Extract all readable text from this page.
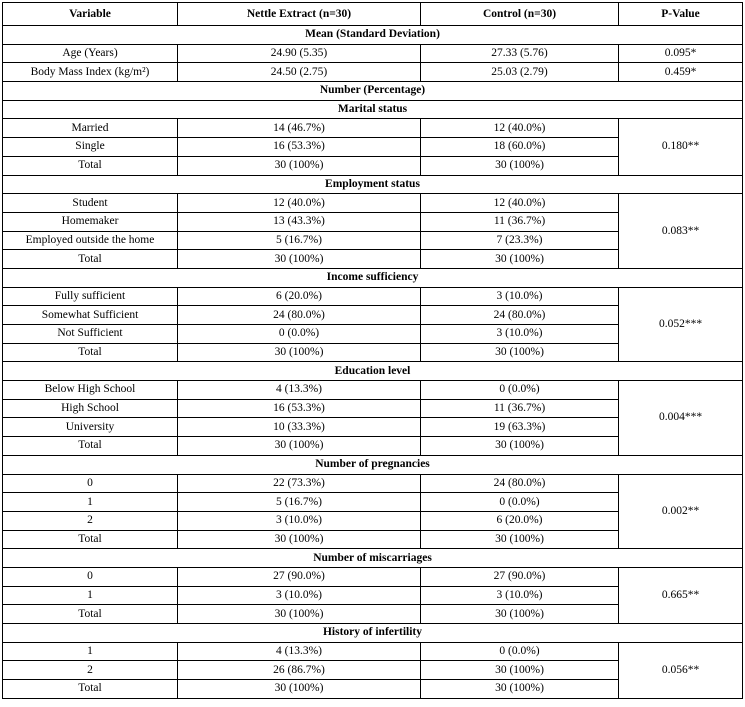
Variable	Nettle Extract (n=30)	Control (n=30)	P-Value
Mean (Standard Deviation)			
Age (Years)	24.90 (5.35)	27.33 (5.76)	0.095*
Body Mass Index (kg/m²)	24.50 (2.75)	25.03 (2.79)	0.459*
Number (Percentage)			
Marital status			
Married	14 (46.7%)	12 (40.0%)	0.180**
Single	16 (53.3%)	18 (60.0%)	
Total	30 (100%)	30 (100%)	
Employment status			
Student	12 (40.0%)	12 (40.0%)	0.083**
Homemaker	13 (43.3%)	11 (36.7%)	
Employed outside the home	5 (16.7%)	7 (23.3%)	
Total	30 (100%)	30 (100%)	
Income sufficiency			
Fully sufficient	6 (20.0%)	3 (10.0%)	0.052***
Somewhat Sufficient	24 (80.0%)	24 (80.0%)	
Not Sufficient	0 (0.0%)	3 (10.0%)	
Total	30 (100%)	30 (100%)	
Education level			
Below High School	4 (13.3%)	0 (0.0%)	0.004***
High School	16 (53.3%)	11 (36.7%)	
University	10 (33.3%)	19 (63.3%)	
Total	30 (100%)	30 (100%)	
Number of pregnancies			
0	22 (73.3%)	24 (80.0%)	0.002**
1	5 (16.7%)	0 (0.0%)	
2	3 (10.0%)	6 (20.0%)	
Total	30 (100%)	30 (100%)	
Number of miscarriages			
0	27 (90.0%)	27 (90.0%)	0.665**
1	3 (10.0%)	3 (10.0%)	
Total	30 (100%)	30 (100%)	
History of infertility			
1	4 (13.3%)	0 (0.0%)	0.056**
2	26 (86.7%)	30 (100%)	
Total	30 (100%)	30 (100%)	
